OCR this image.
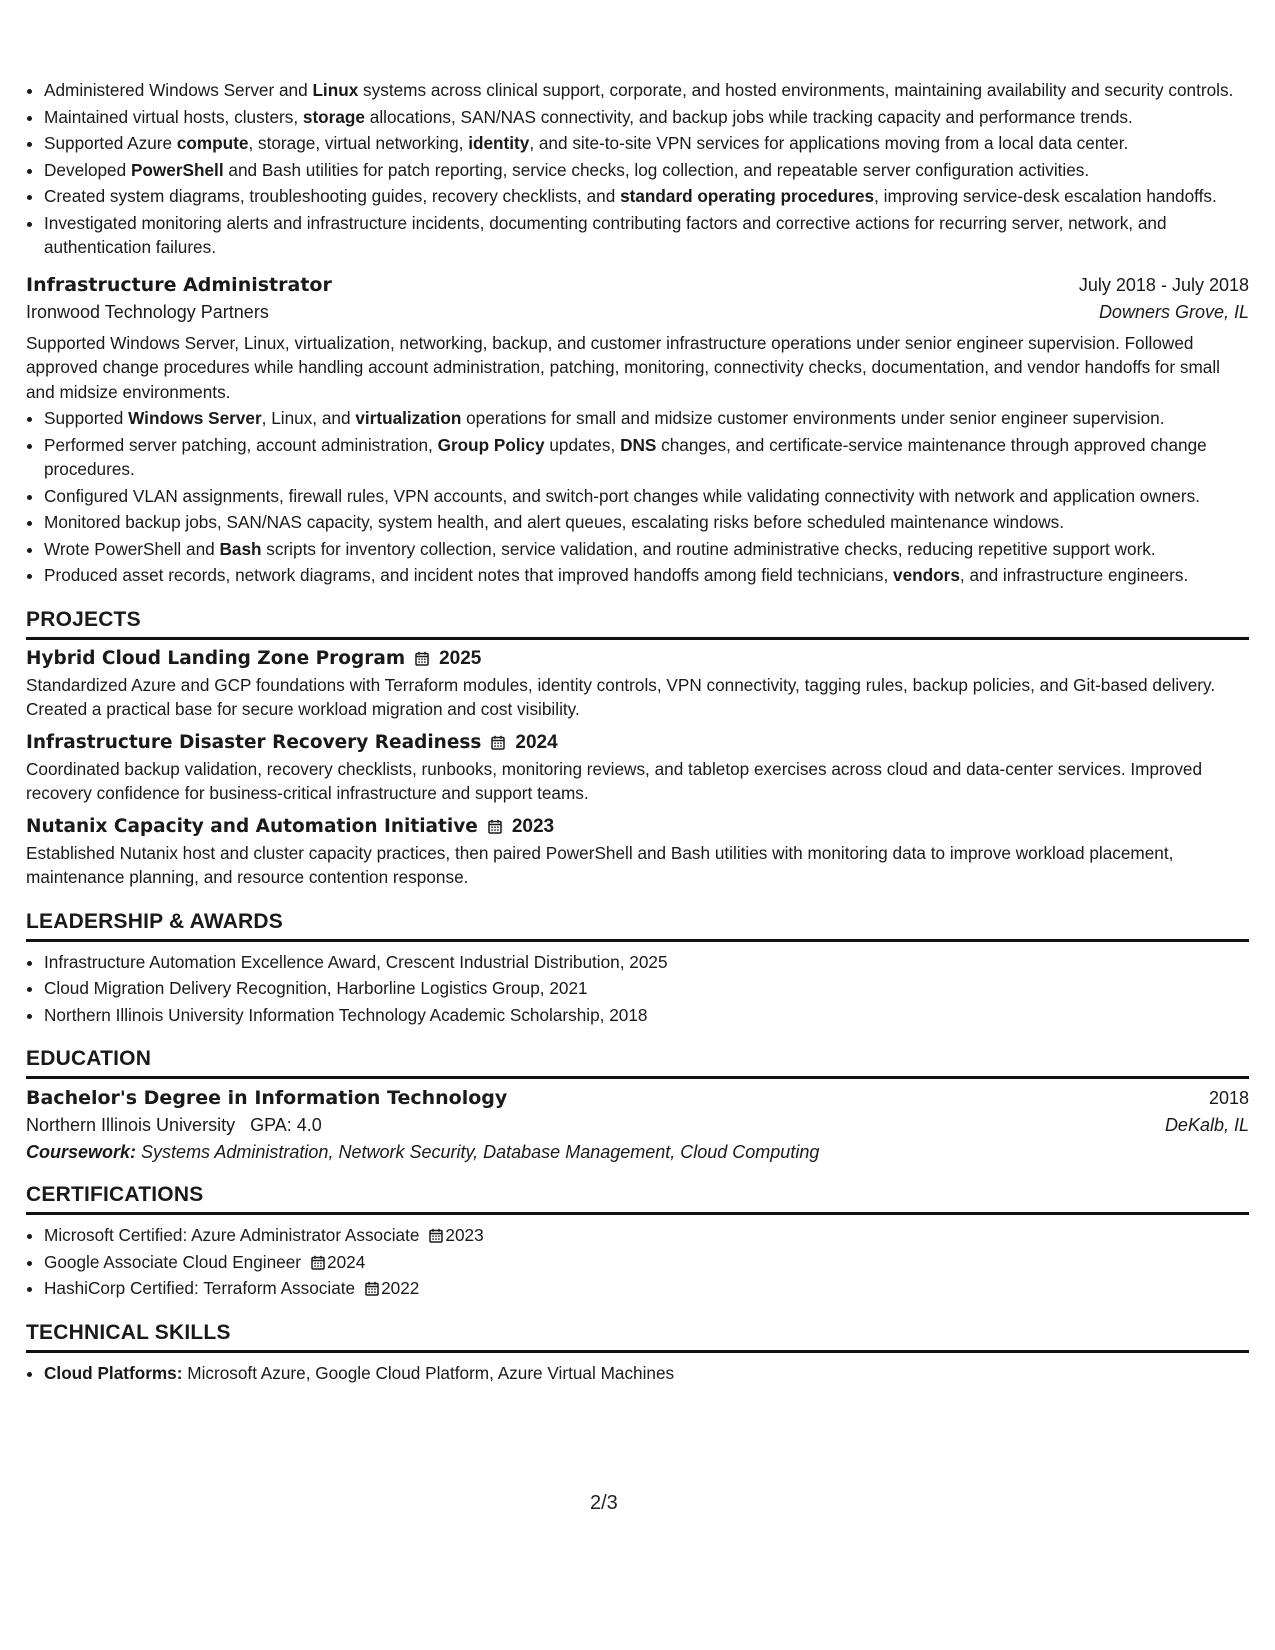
• Administered Windows Server and Linux systems across clinical support, corporate, and hosted environments, maintaining availability and security controls.
• Maintained virtual hosts, clusters, storage allocations, SAN/NAS connectivity, and backup jobs while tracking capacity and performance trends.
• Supported Azure compute, storage, virtual networking, identity, and site-to-site VPN services for applications moving from a local data center.
• Developed PowerShell and Bash utilities for patch reporting, service checks, log collection, and repeatable server configuration activities.
• Created system diagrams, troubleshooting guides, recovery checklists, and standard operating procedures, improving service-desk escalation handoffs.
• Investigated monitoring alerts and infrastructure incidents, documenting contributing factors and corrective actions for recurring server, network, and authentication failures.
Infrastructure Administrator	July 2018 - July 2018
Ironwood Technology Partners	Downers Grove, IL
Supported Windows Server, Linux, virtualization, networking, backup, and customer infrastructure operations under senior engineer supervision. Followed approved change procedures while handling account administration, patching, monitoring, connectivity checks, documentation, and vendor handoffs for small and midsize environments.
• Supported Windows Server, Linux, and virtualization operations for small and midsize customer environments under senior engineer supervision.
• Performed server patching, account administration, Group Policy updates, DNS changes, and certificate-service maintenance through approved change procedures.
• Configured VLAN assignments, firewall rules, VPN accounts, and switch-port changes while validating connectivity with network and application owners.
• Monitored backup jobs, SAN/NAS capacity, system health, and alert queues, escalating risks before scheduled maintenance windows.
• Wrote PowerShell and Bash scripts for inventory collection, service validation, and routine administrative checks, reducing repetitive support work.
• Produced asset records, network diagrams, and incident notes that improved handoffs among field technicians, vendors, and infrastructure engineers.
PROJECTS
Hybrid Cloud Landing Zone Program 2025
Standardized Azure and GCP foundations with Terraform modules, identity controls, VPN connectivity, tagging rules, backup policies, and Git-based delivery. Created a practical base for secure workload migration and cost visibility.
Infrastructure Disaster Recovery Readiness 2024
Coordinated backup validation, recovery checklists, runbooks, monitoring reviews, and tabletop exercises across cloud and data-center services. Improved recovery confidence for business-critical infrastructure and support teams.
Nutanix Capacity and Automation Initiative 2023
Established Nutanix host and cluster capacity practices, then paired PowerShell and Bash utilities with monitoring data to improve workload placement, maintenance planning, and resource contention response.
LEADERSHIP & AWARDS
• Infrastructure Automation Excellence Award, Crescent Industrial Distribution, 2025
• Cloud Migration Delivery Recognition, Harborline Logistics Group, 2021
• Northern Illinois University Information Technology Academic Scholarship, 2018
EDUCATION
Bachelor's Degree in Information Technology	2018
Northern Illinois University GPA: 4.0	DeKalb, IL
Coursework: Systems Administration, Network Security, Database Management, Cloud Computing
CERTIFICATIONS
• Microsoft Certified: Azure Administrator Associate 2023
• Google Associate Cloud Engineer 2024
• HashiCorp Certified: Terraform Associate 2022
TECHNICAL SKILLS
• Cloud Platforms: Microsoft Azure, Google Cloud Platform, Azure Virtual Machines
2/3
